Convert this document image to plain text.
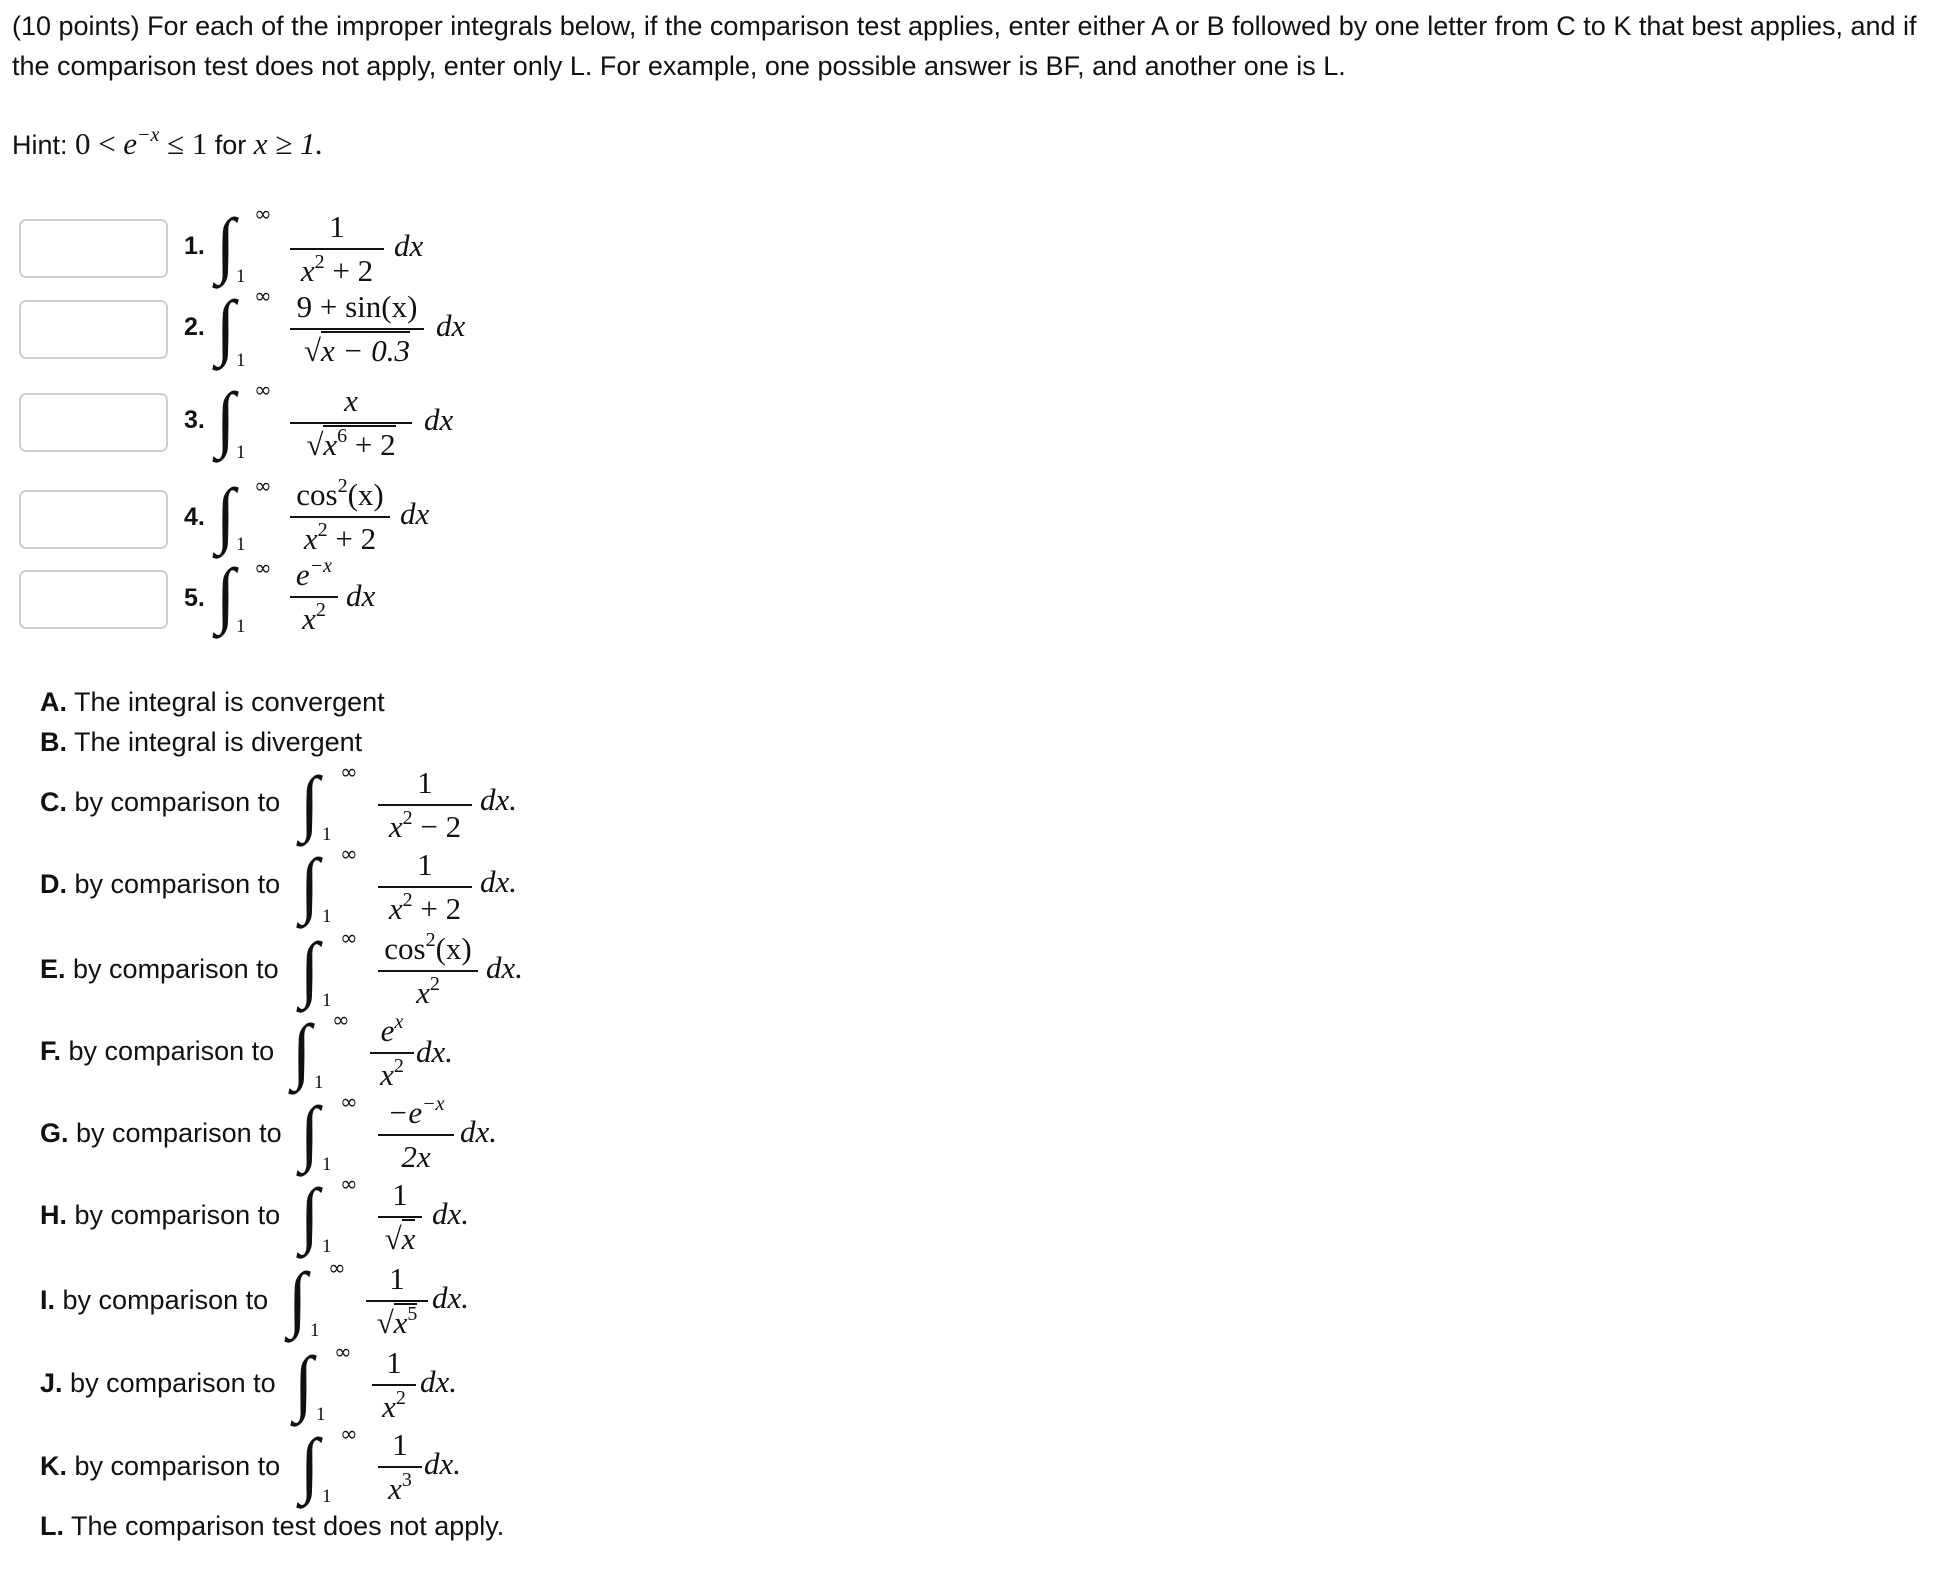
(10 points) For each of the improper integrals below, if the comparison test applies, enter either A or B followed by one letter from C to K that best applies, and if the comparison test does not apply, enter only L. For example, one possible answer is BF, and another one is L.
Hint: $0 < e^{-x} \le 1$ for x ≥ 1.
1. ∫ ∞
1
1
$x^2 + 2$
dx
2. ∫ ∞
1
9 + sin(x)
√x − 0.3
dx
3. ∫ ∞
1
x
$√x^6 + 2$
dx
4. ∫ ∞
1
$\cos^2(x)$
$x^2 + 2$
dx
5. ∫ ∞
1
$e^{-x}$
$x^2$ dx
A. The integral is convergent
B. The integral is divergent
C. by comparison to ∫ ∞
1
1
$x^2 - 2$
dx.
D. by comparison to ∫ ∞
1
1
$x^2 + 2$
dx.
E. by comparison to ∫ ∞
1
$\cos^2(x)$
$x^2$	dx.
F. by comparison to ∫ ∞
1
$e^x$
$x^2$ dx.
G. by comparison to ∫ ∞
1
$-e^{-x}$
2x
dx.
H. by comparison to ∫ ∞
1
1
√x
dx.
I. by comparison to ∫ ∞
1
1
$√x^5$ dx.
J. by comparison to ∫ ∞
1
1
$x^2$ dx.
K. by comparison to ∫ ∞
1
1
$x^3$ dx.
L. The comparison test does not apply.
